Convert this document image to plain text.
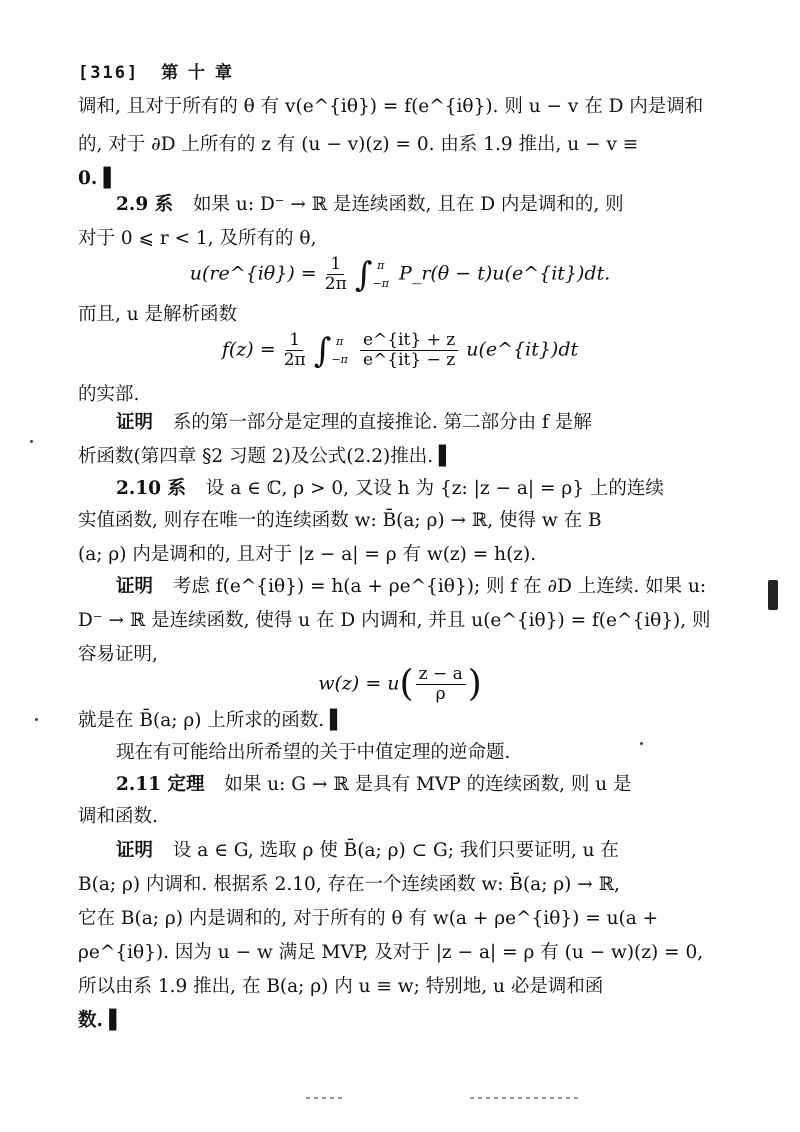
[316] 第 十 章
调和, 且对于所有的 θ 有 v(e^{iθ}) = f(e^{iθ}). 则 u − v 在 D 内是调和
的, 对于 ∂D 上所有的 z 有 (u − v)(z) = 0. 由系 1.9 推出, u − v ≡
0. ▌
2.9 系 如果 u: D⁻ → ℝ 是连续函数, 且在 D 内是调和的, 则
对于 0 ⩽ r < 1, 及所有的 θ,
u(re^{iθ}) = $\frac{1}{2\pi}$ ∫ π
−π P_r(θ − t)u(e^{it})dt.
而且, u 是解析函数
$f(z) = \frac{1}{2\pi}$ ∫ π
−π
$\frac{e\^{}\{it\} + z}{e\^{}\{it\} - z}$ u(e^{it})dt
的实部.
证明 系的第一部分是定理的直接推论. 第二部分由 f 是解
析函数(第四章 §2 习题 2)及公式(2.2)推出. ▌
2.10 系 设 a ∈ ℂ, ρ > 0, 又设 h 为 {z: |z − a| = ρ} 上的连续
实值函数, 则存在唯一的连续函数 w: B̄(a; ρ) → ℝ, 使得 w 在 B
(a; ρ) 内是调和的, 且对于 |z − a| = ρ 有 w(z) = h(z).
证明 考虑 f(e^{iθ}) = h(a + ρe^{iθ}); 则 f 在 ∂D 上连续. 如果 u:
D⁻ → ℝ 是连续函数, 使得 u 在 D 内调和, 并且 u(e^{iθ}) = f(e^{iθ}), 则
容易证明,
$w(z) = u( \frac{z - a}{\rho}$ )
就是在 B̄(a; ρ) 上所求的函数. ▌
现在有可能给出所希望的关于中值定理的逆命题.
2.11 定理 如果 u: G → ℝ 是具有 MVP 的连续函数, 则 u 是
调和函数.
证明 设 a ∈ G, 选取 ρ 使 B̄(a; ρ) ⊂ G; 我们只要证明, u 在
B(a; ρ) 内调和. 根据系 2.10, 存在一个连续函数 w: B̄(a; ρ) → ℝ,
它在 B(a; ρ) 内是调和的, 对于所有的 θ 有 w(a + ρe^{iθ}) = u(a +
ρe^{iθ}). 因为 u − w 满足 MVP, 及对于 |z − a| = ρ 有 (u − w)(z) = 0,
所以由系 1.9 推出, 在 B(a; ρ) 内 u ≡ w; 特别地, u 必是调和函
数. ▌
